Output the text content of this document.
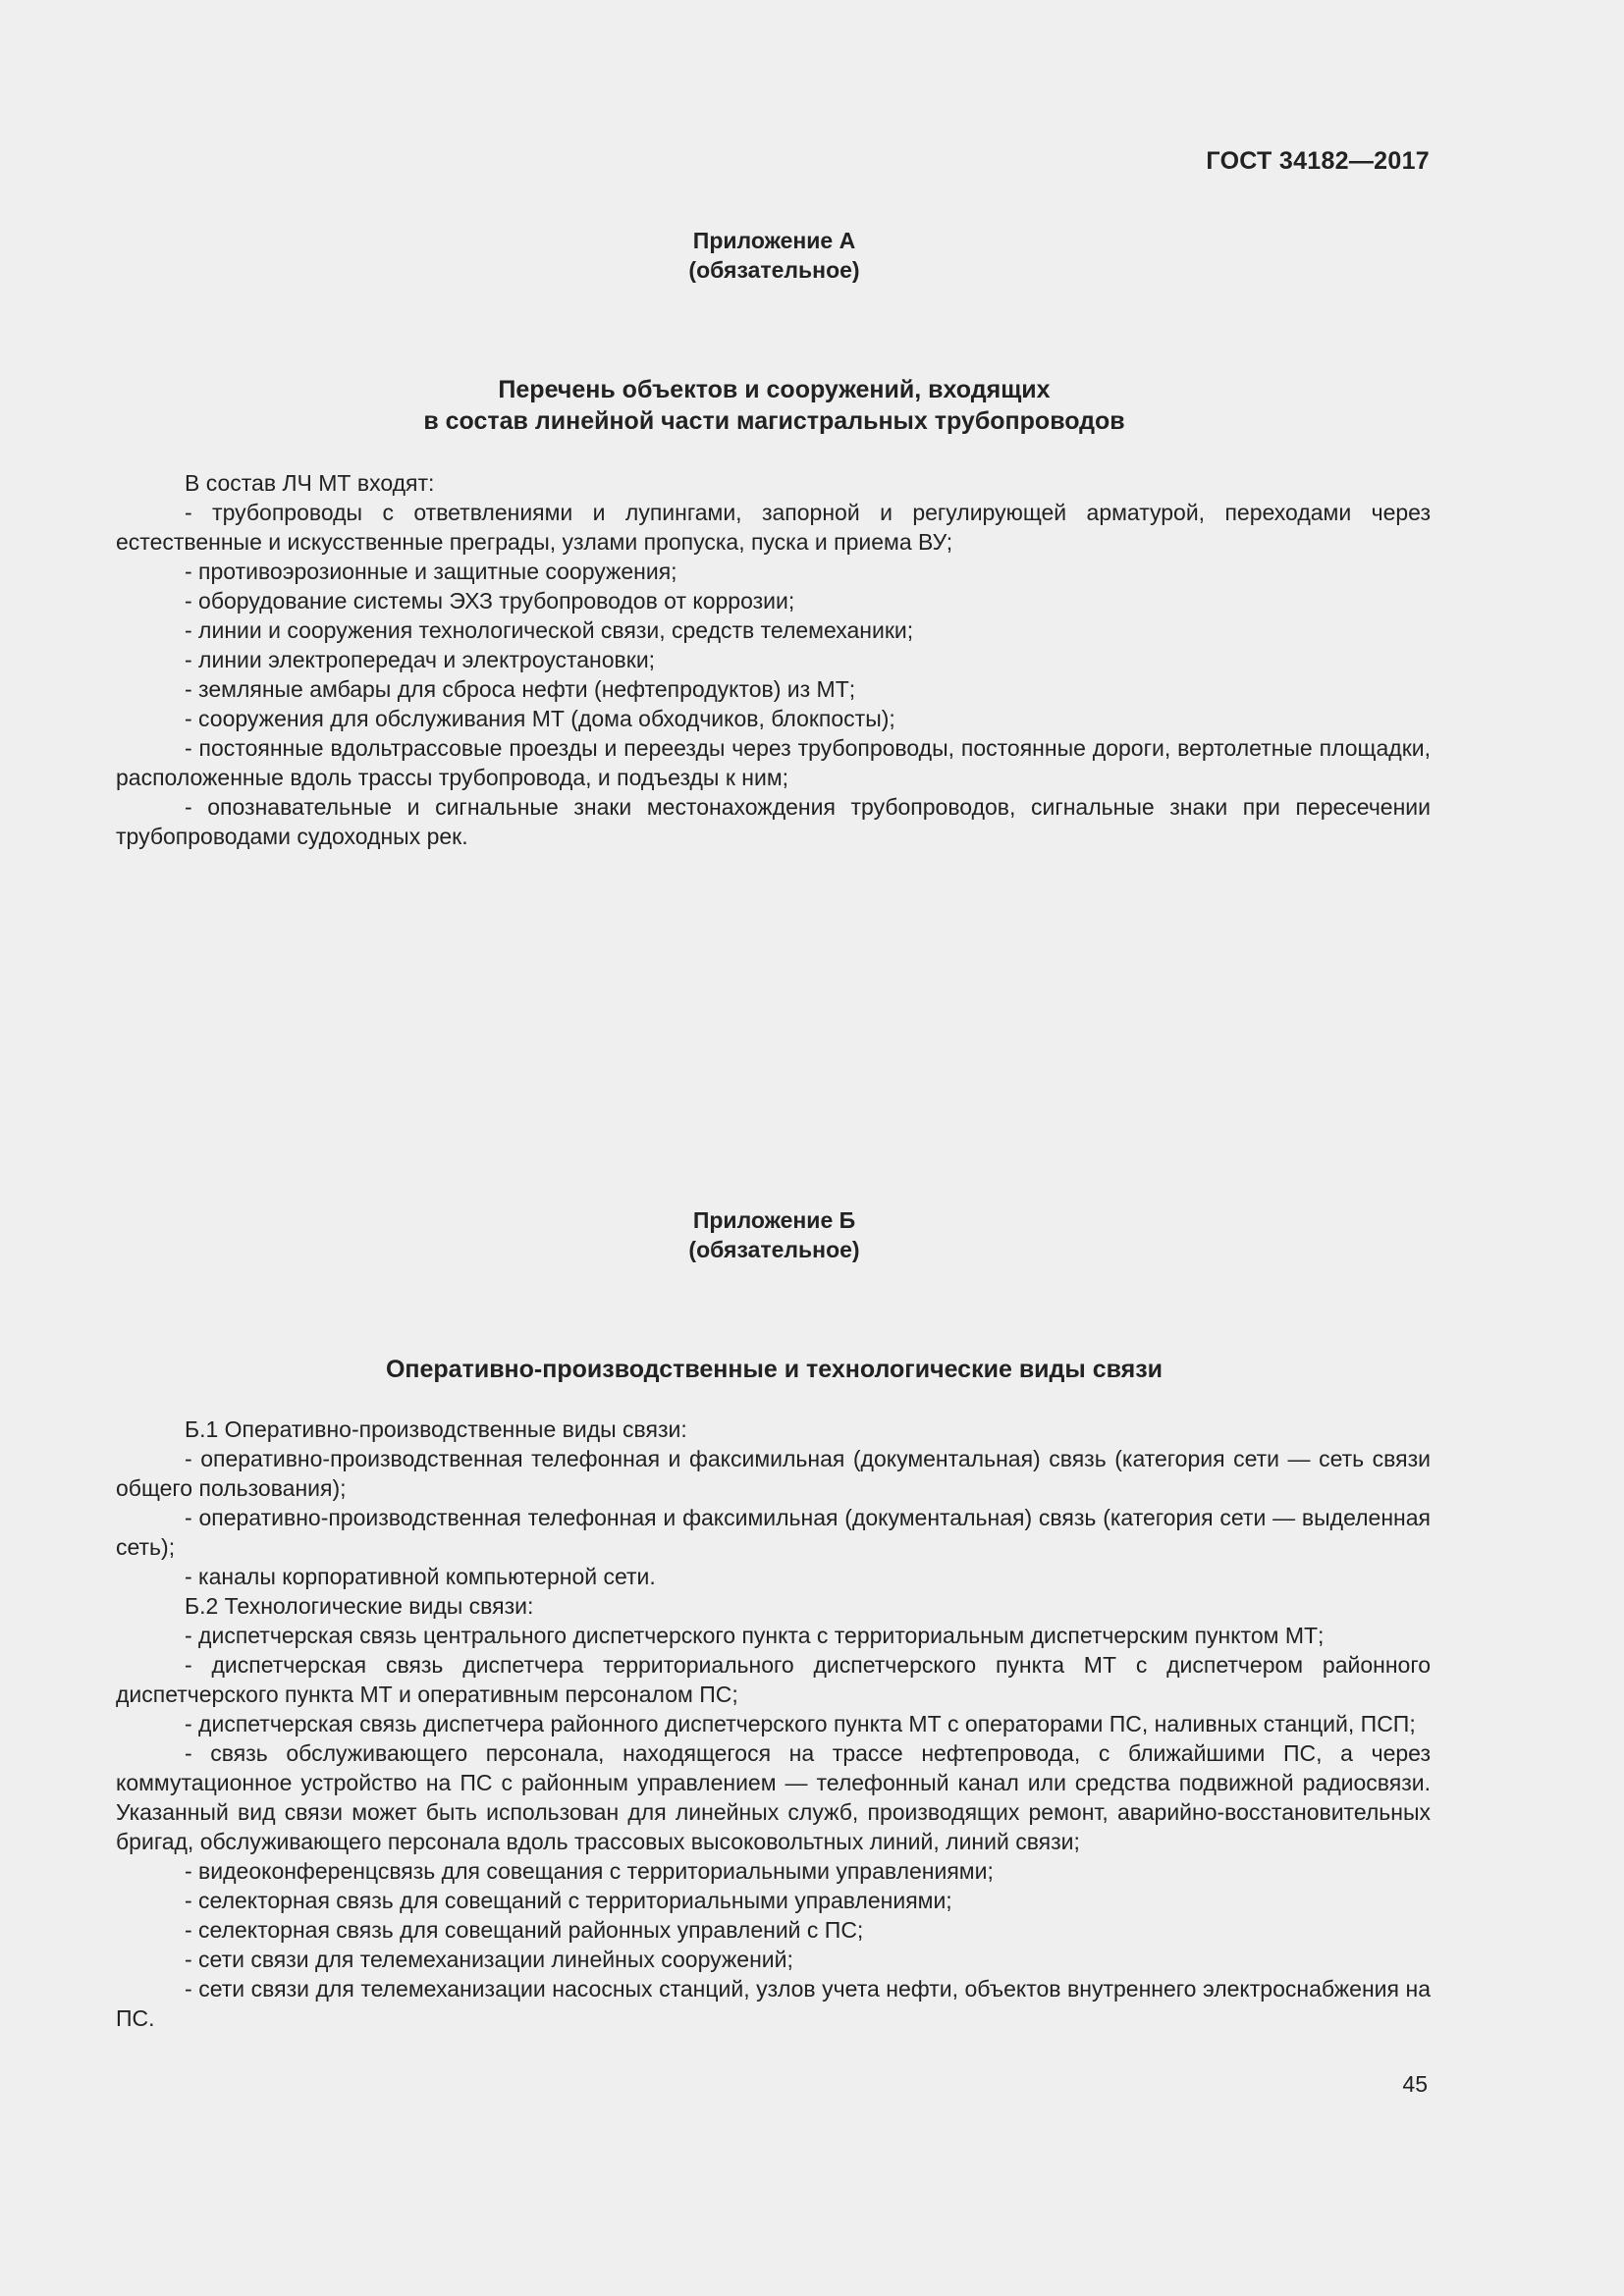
ГОСТ 34182—2017
Приложение А
(обязательное)
Перечень объектов и сооружений, входящих
в состав линейной части магистральных трубопроводов

В состав ЛЧ МТ входят:

- трубопроводы с ответвлениями и лупингами, запорной и регулирующей арматурой, переходами через естественные и искусственные преграды, узлами пропуска, пуска и приема ВУ;

- противоэрозионные и защитные сооружения;

- оборудование системы ЭХЗ трубопроводов от коррозии;

- линии и сооружения технологической связи, средств телемеханики;

- линии электропередач и электроустановки;

- земляные амбары для сброса нефти (нефтепродуктов) из МТ;

- сооружения для обслуживания МТ (дома обходчиков, блокпосты);

- постоянные вдольтрассовые проезды и переезды через трубопроводы, постоянные дороги, вертолетные площадки, расположенные вдоль трассы трубопровода, и подъезды к ним;

- опознавательные и сигнальные знаки местонахождения трубопроводов, сигнальные знаки при пересечении трубопроводами судоходных рек.

Приложение Б
(обязательное)
Оперативно-производственные и технологические виды связи

Б.1 Оперативно-производственные виды связи:

- оперативно-производственная телефонная и факсимильная (документальная) связь (категория сети — сеть связи общего пользования);

- оперативно-производственная телефонная и факсимильная (документальная) связь (категория сети — выделенная сеть);

- каналы корпоративной компьютерной сети.

Б.2 Технологические виды связи:

- диспетчерская связь центрального диспетчерского пункта с территориальным диспетчерским пунктом МТ;

- диспетчерская связь диспетчера территориального диспетчерского пункта МТ с диспетчером районного диспетчерского пункта МТ и оперативным персоналом ПС;

- диспетчерская связь диспетчера районного диспетчерского пункта МТ с операторами ПС, наливных станций, ПСП;

- связь обслуживающего персонала, находящегося на трассе нефтепровода, с ближайшими ПС, а через коммутационное устройство на ПС с районным управлением — телефонный канал или средства подвижной радиосвязи. Указанный вид связи может быть использован для линейных служб, производящих ремонт, аварийно-восстановительных бригад, обслуживающего персонала вдоль трассовых высоковольтных линий, линий связи;

- видеоконференцсвязь для совещания с территориальными управлениями;

- селекторная связь для совещаний с территориальными управлениями;

- селекторная связь для совещаний районных управлений с ПС;

- сети связи для телемеханизации линейных сооружений;

- сети связи для телемеханизации насосных станций, узлов учета нефти, объектов внутреннего электроснабжения на ПС.

45
